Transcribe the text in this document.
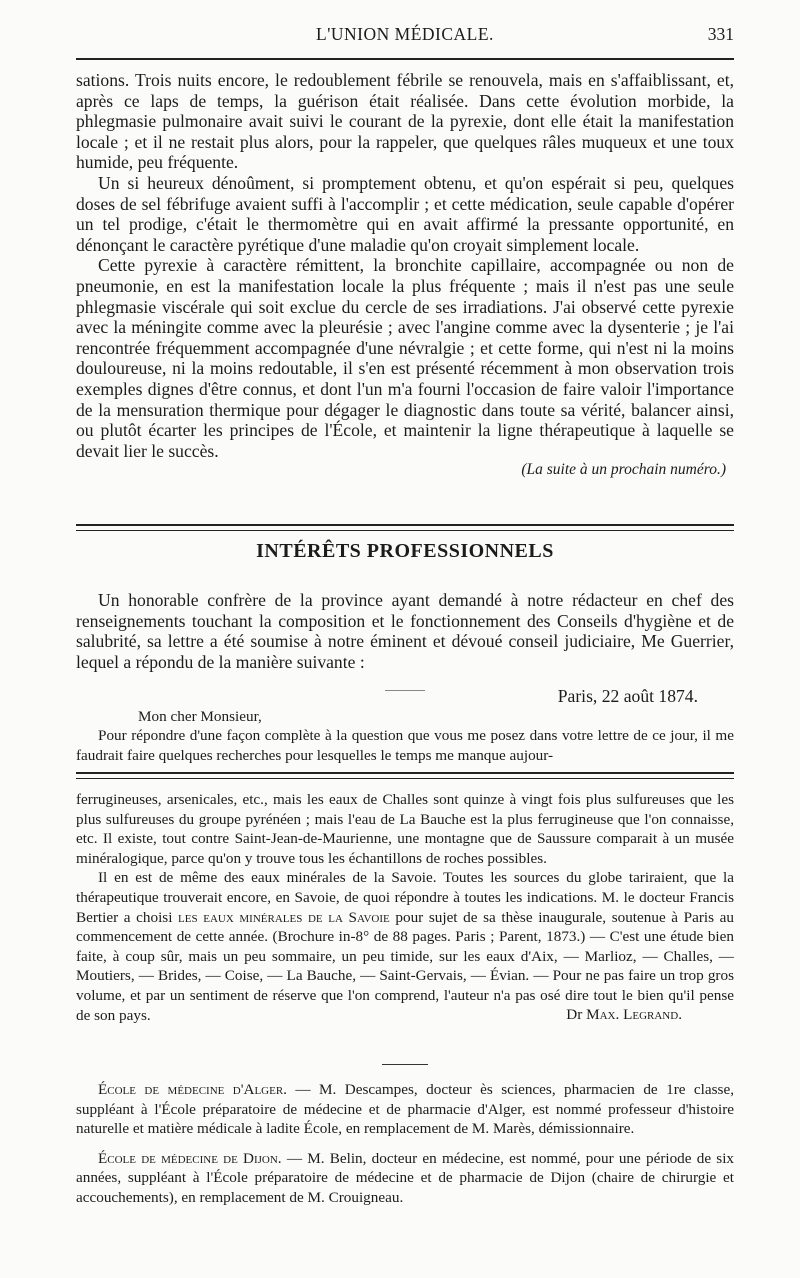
L'UNION MÉDICALE.	331

sations. Trois nuits encore, le redoublement fébrile se renouvela, mais en s'affaiblissant, et, après ce laps de temps, la guérison était réalisée. Dans cette évolution morbide, la phlegmasie pulmonaire avait suivi le courant de la pyrexie, dont elle était la manifestation locale ; et il ne restait plus alors, pour la rappeler, que quelques râles muqueux et une toux humide, peu fréquente.

Un si heureux dénoûment, si promptement obtenu, et qu'on espérait si peu, quelques doses de sel fébrifuge avaient suffi à l'accomplir ; et cette médication, seule capable d'opérer un tel prodige, c'était le thermomètre qui en avait affirmé la pressante opportunité, en dénonçant le caractère pyrétique d'une maladie qu'on croyait simplement locale.

Cette pyrexie à caractère rémittent, la bronchite capillaire, accompagnée ou non de pneumonie, en est la manifestation locale la plus fréquente ; mais il n'est pas une seule phlegmasie viscérale qui soit exclue du cercle de ses irradiations. J'ai observé cette pyrexie avec la méningite comme avec la pleurésie ; avec l'angine comme avec la dysenterie ; je l'ai rencontrée fréquemment accompagnée d'une névralgie ; et cette forme, qui n'est ni la moins douloureuse, ni la moins redoutable, il s'en est présenté récemment à mon observation trois exemples dignes d'être connus, et dont l'un m'a fourni l'occasion de faire valoir l'importance de la mensuration thermique pour dégager le diagnostic dans toute sa vérité, balancer ainsi, ou plutôt écarter les principes de l'École, et maintenir la ligne thérapeutique à laquelle se devait lier le succès.

(La suite à un prochain numéro.)
INTÉRÊTS PROFESSIONNELS

Un honorable confrère de la province ayant demandé à notre rédacteur en chef des renseignements touchant la composition et le fonctionnement des Conseils d'hygiène et de salubrité, sa lettre a été soumise à notre éminent et dévoué conseil judiciaire, Me Guerrier, lequel a répondu de la manière suivante :

Paris, 22 août 1874.
Mon cher Monsieur,

Pour répondre d'une façon complète à la question que vous me posez dans votre lettre de ce jour, il me faudrait faire quelques recherches pour lesquelles le temps me manque aujour-

ferrugineuses, arsenicales, etc., mais les eaux de Challes sont quinze à vingt fois plus sulfureuses que les plus sulfureuses du groupe pyrénéen ; mais l'eau de La Bauche est la plus ferrugineuse que l'on connaisse, etc. Il existe, tout contre Saint-Jean-de-Maurienne, une montagne que de Saussure comparait à un musée minéralogique, parce qu'on y trouve tous les échantillons de roches possibles.

Il en est de même des eaux minérales de la Savoie. Toutes les sources du globe tariraient, que la thérapeutique trouverait encore, en Savoie, de quoi répondre à toutes les indications. M. le docteur Francis Bertier a choisi les eaux minérales de la Savoie pour sujet de sa thèse inaugurale, soutenue à Paris au commencement de cette année. (Brochure in-8° de 88 pages. Paris ; Parent, 1873.) — C'est une étude bien faite, à coup sûr, mais un peu sommaire, un peu timide, sur les eaux d'Aix, — Marlioz, — Challes, — Moutiers, — Brides, — Coise, — La Bauche, — Saint-Gervais, — Évian. — Pour ne pas faire un trop gros volume, et par un sentiment de réserve que l'on comprend, l'auteur n'a pas osé dire tout le bien qu'il pense de son pays.	Dr Max. Legrand.

École de médecine d'Alger. — M. Descampes, docteur ès sciences, pharmacien de 1re classe, suppléant à l'École préparatoire de médecine et de pharmacie d'Alger, est nommé professeur d'histoire naturelle et matière médicale à ladite École, en remplacement de M. Marès, démissionnaire.

École de médecine de Dijon. — M. Belin, docteur en médecine, est nommé, pour une période de six années, suppléant à l'École préparatoire de médecine et de pharmacie de Dijon (chaire de chirurgie et accouchements), en remplacement de M. Crouigneau.
